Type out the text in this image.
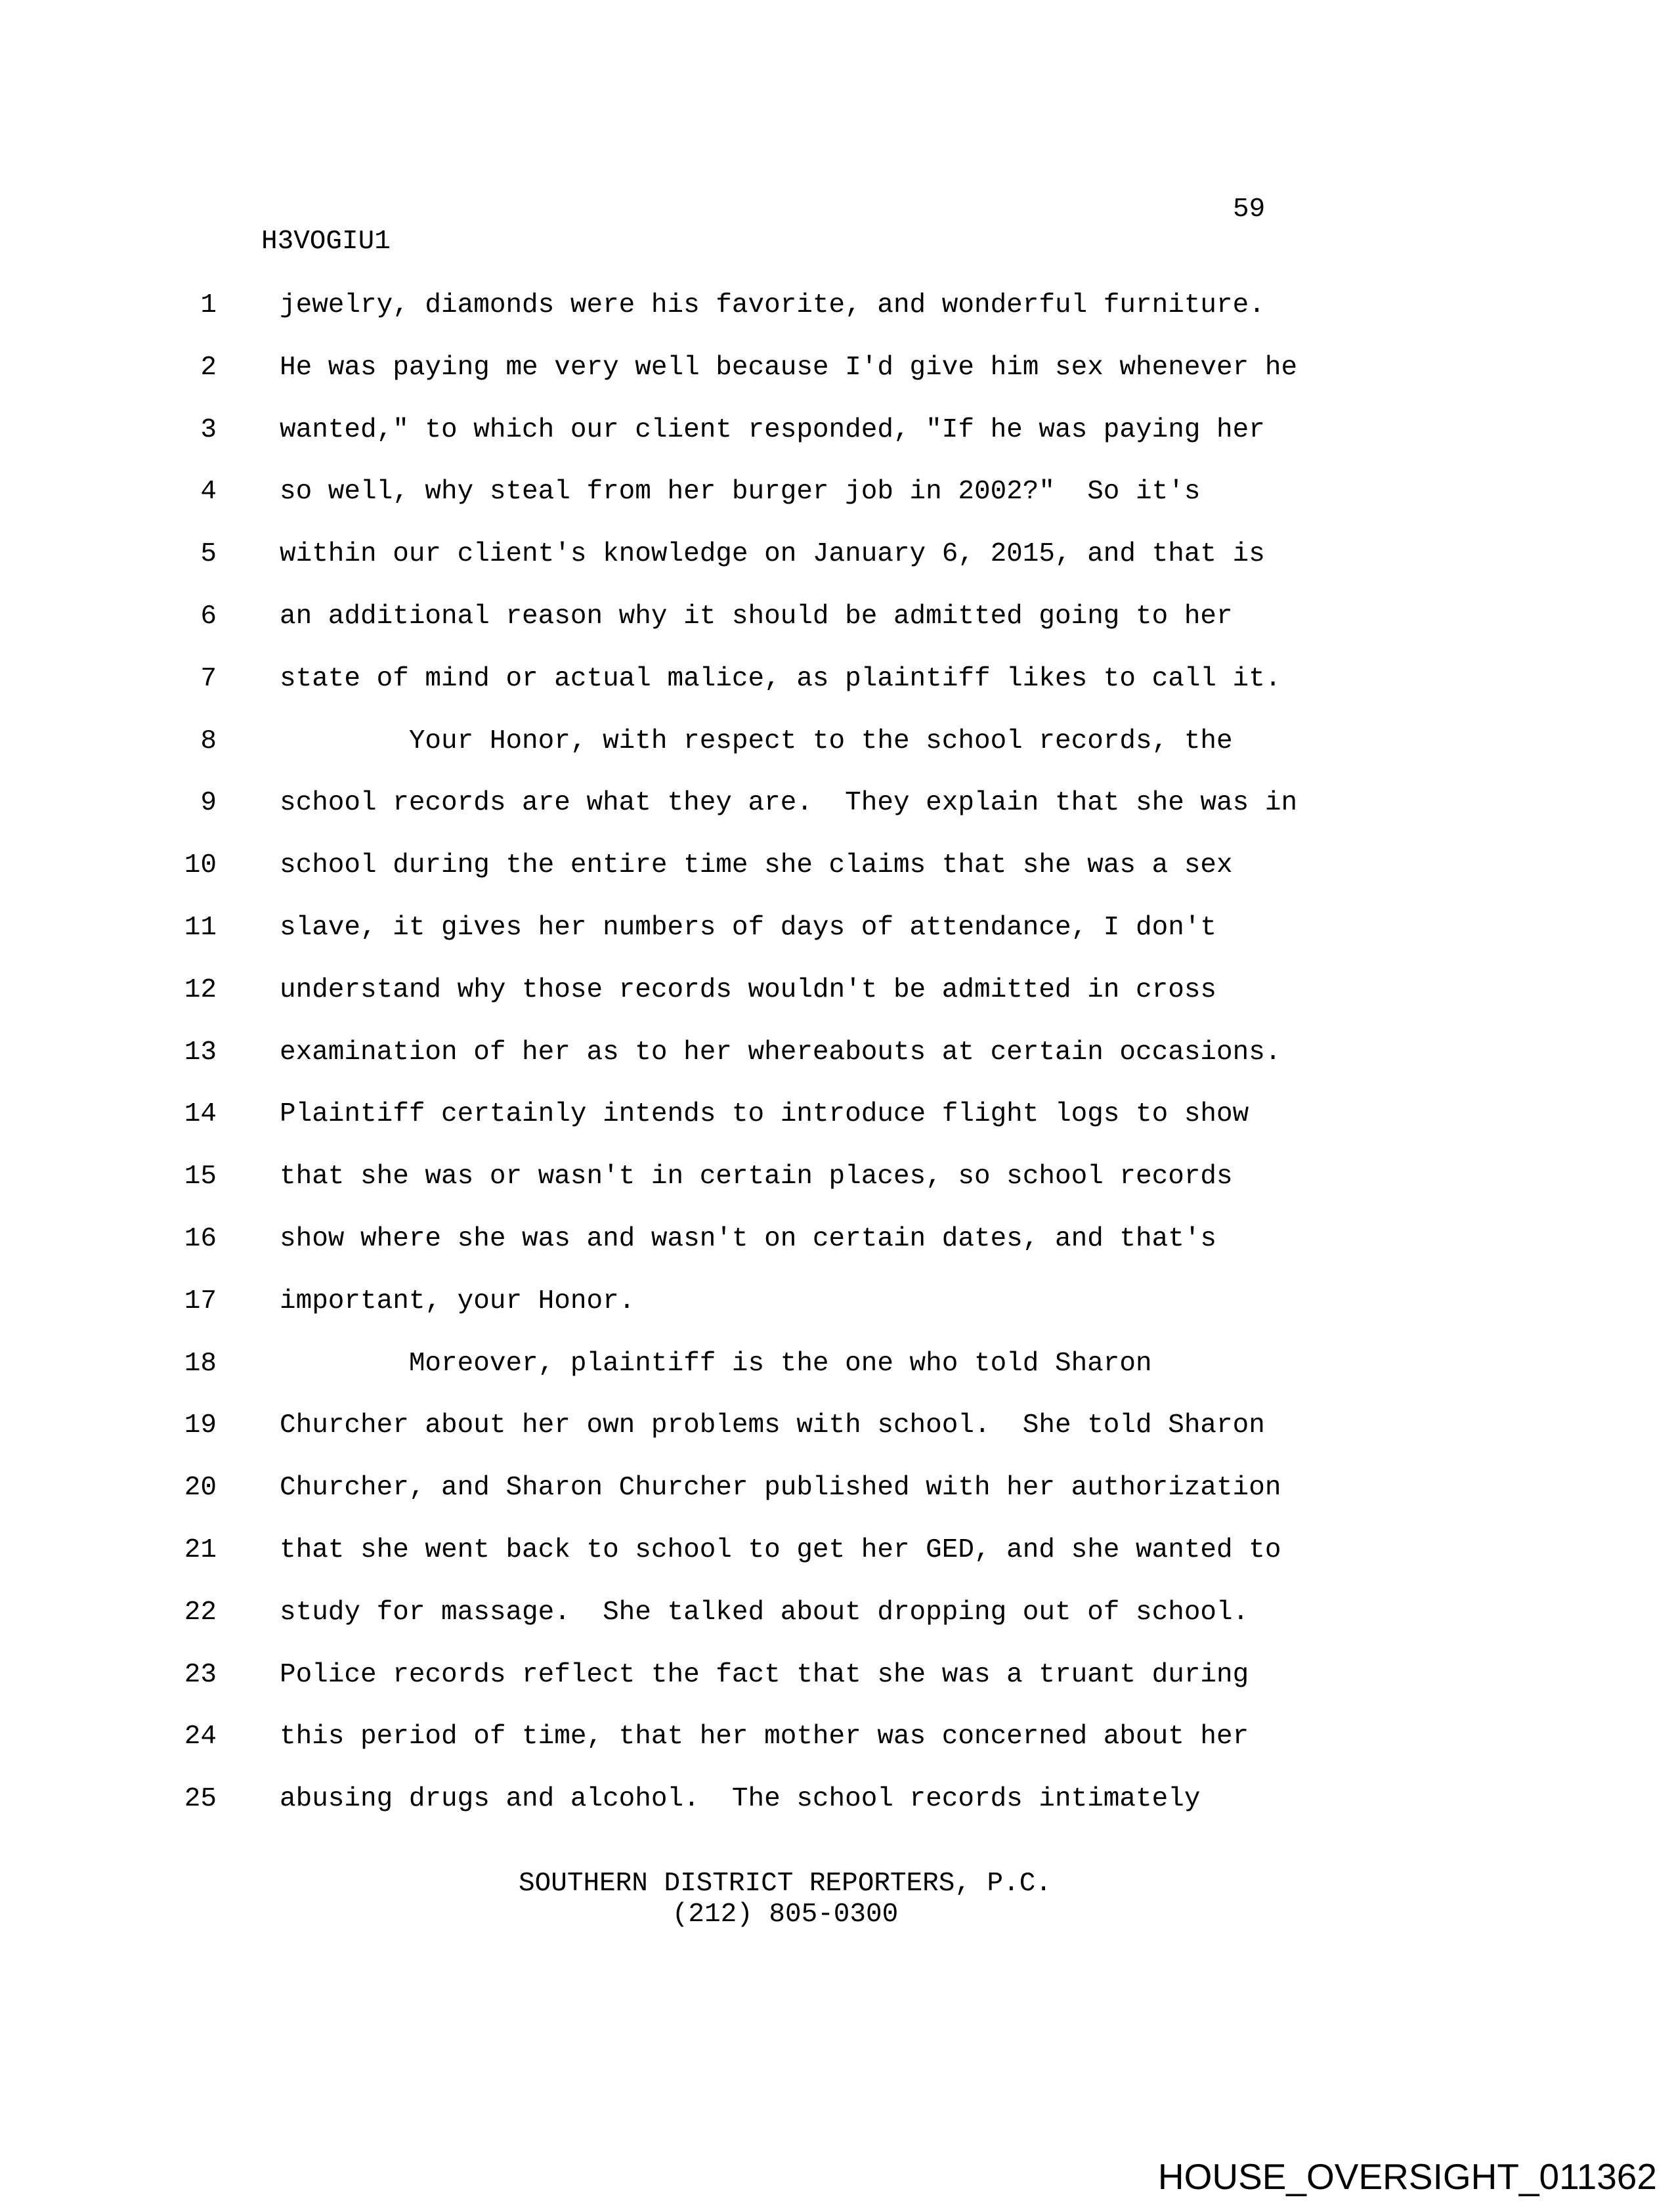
59
H3VOGIU1
1 jewelry, diamonds were his favorite, and wonderful furniture.
2 He was paying me very well because I'd give him sex whenever he
3 wanted," to which our client responded, "If he was paying her
4 so well, why steal from her burger job in 2002?"  So it's
5 within our client's knowledge on January 6, 2015, and that is
6 an additional reason why it should be admitted going to her
7 state of mind or actual malice, as plaintiff likes to call it.
8        Your Honor, with respect to the school records, the
9 school records are what they are.  They explain that she was in
10 school during the entire time she claims that she was a sex
11 slave, it gives her numbers of days of attendance, I don't
12 understand why those records wouldn't be admitted in cross
13 examination of her as to her whereabouts at certain occasions.
14 Plaintiff certainly intends to introduce flight logs to show
15 that she was or wasn't in certain places, so school records
16 show where she was and wasn't on certain dates, and that's
17 important, your Honor.
18        Moreover, plaintiff is the one who told Sharon
19 Churcher about her own problems with school.  She told Sharon
20 Churcher, and Sharon Churcher published with her authorization
21 that she went back to school to get her GED, and she wanted to
22 study for massage.  She talked about dropping out of school.
23 Police records reflect the fact that she was a truant during
24 this period of time, that her mother was concerned about her
25 abusing drugs and alcohol.  The school records intimately
SOUTHERN DISTRICT REPORTERS, P.C.
(212) 805-0300
HOUSE_OVERSIGHT_011362
